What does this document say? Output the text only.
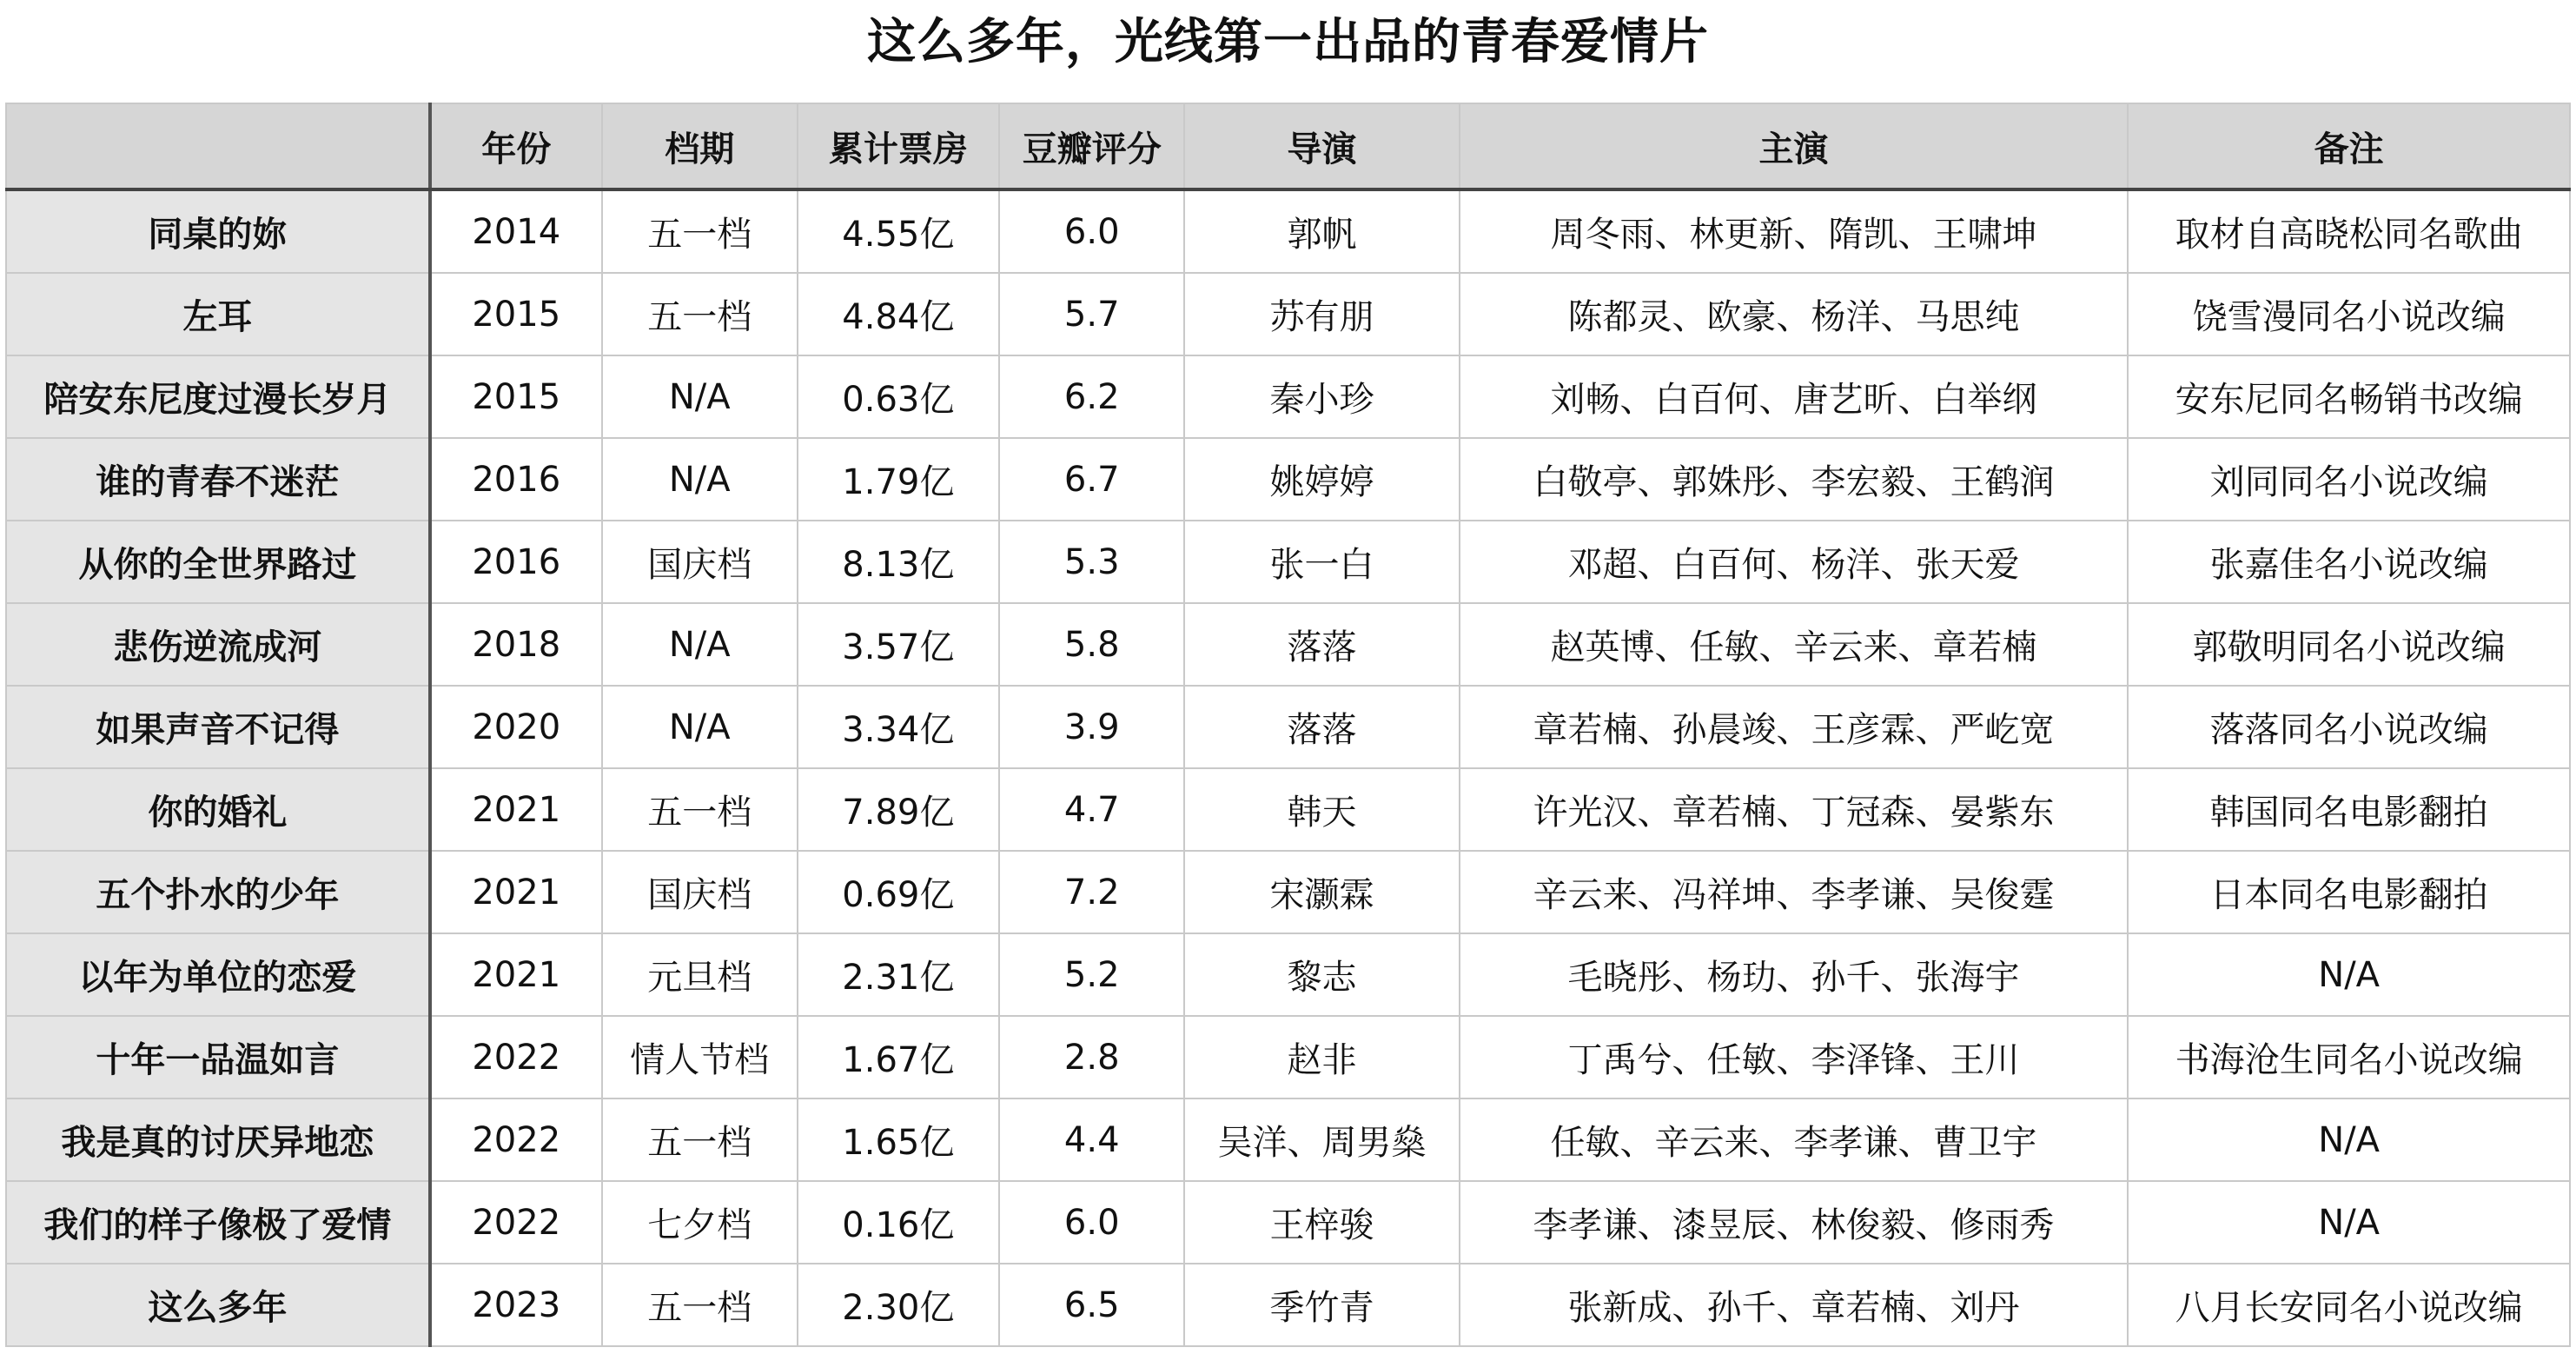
这么多年，光线第一出品的青春爱情片
	年份	档期	累计票房	豆瓣评分	导演	主演	备注
同桌的妳	2014	五一档	4.55亿	6.0	郭帆	周冬雨、林更新、隋凯、王啸坤	取材自高晓松同名歌曲
左耳	2015	五一档	4.84亿	5.7	苏有朋	陈都灵、欧豪、杨洋、马思纯	饶雪漫同名小说改编
陪安东尼度过漫长岁月	2015	N/A	0.63亿	6.2	秦小珍	刘畅、白百何、唐艺昕、白举纲	安东尼同名畅销书改编
谁的青春不迷茫	2016	N/A	1.79亿	6.7	姚婷婷	白敬亭、郭姝彤、李宏毅、王鹤润	刘同同名小说改编
从你的全世界路过	2016	国庆档	8.13亿	5.3	张一白	邓超、白百何、杨洋、张天爱	张嘉佳名小说改编
悲伤逆流成河	2018	N/A	3.57亿	5.8	落落	赵英博、任敏、辛云来、章若楠	郭敬明同名小说改编
如果声音不记得	2020	N/A	3.34亿	3.9	落落	章若楠、孙晨竣、王彦霖、严屹宽	落落同名小说改编
你的婚礼	2021	五一档	7.89亿	4.7	韩天	许光汉、章若楠、丁冠森、晏紫东	韩国同名电影翻拍
五个扑水的少年	2021	国庆档	0.69亿	7.2	宋灏霖	辛云来、冯祥坤、李孝谦、吴俊霆	日本同名电影翻拍
以年为单位的恋爱	2021	元旦档	2.31亿	5.2	黎志	毛晓彤、杨玏、孙千、张海宇	N/A
十年一品温如言	2022	情人节档	1.67亿	2.8	赵非	丁禹兮、任敏、李泽锋、王川	书海沧生同名小说改编
我是真的讨厌异地恋	2022	五一档	1.65亿	4.4	吴洋、周男燊	任敏、辛云来、李孝谦、曹卫宇	N/A
我们的样子像极了爱情	2022	七夕档	0.16亿	6.0	王梓骏	李孝谦、漆昱辰、林俊毅、修雨秀	N/A
这么多年	2023	五一档	2.30亿	6.5	季竹青	张新成、孙千、章若楠、刘丹	八月长安同名小说改编
